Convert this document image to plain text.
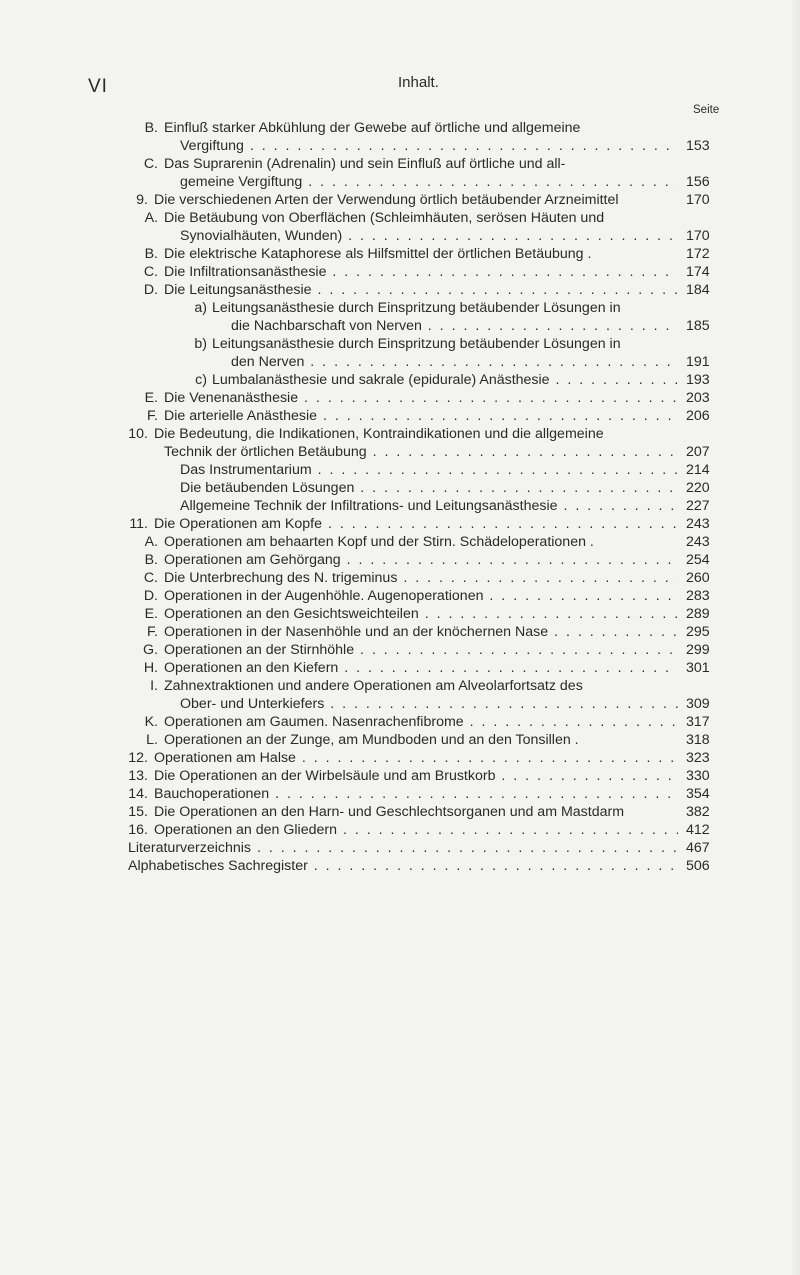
VI	Inhalt.
Seite
B. Einfluß starker Abkühlung der Gewebe auf örtliche und allgemeine
Vergiftung . . .	153
C. Das Suprarenin (Adrenalin) und sein Einfluß auf örtliche und all-
gemeine Vergiftung . . .	156
9. Die verschiedenen Arten der Verwendung örtlich betäubender Arzneimittel	170
A. Die Betäubung von Oberflächen (Schleimhäuten, serösen Häuten und
Synovialhäuten, Wunden) . . .	170
B. Die elektrische Kataphorese als Hilfsmittel der örtlichen Betäubung .	172
C. Die Infiltrationsanästhesie . . .	174
D. Die Leitungsanästhesie . . .	184
a) Leitungsanästhesie durch Einspritzung betäubender Lösungen in
die Nachbarschaft von Nerven . . .	185
b) Leitungsanästhesie durch Einspritzung betäubender Lösungen in
den Nerven . . .	191
c) Lumbalanästhesie und sakrale (epidurale) Anästhesie . . .	193
E. Die Venenanästhesie . . .	203
F. Die arterielle Anästhesie . . .	206
10. Die Bedeutung, die Indikationen, Kontraindikationen und die allgemeine
Technik der örtlichen Betäubung . . .	207
Das Instrumentarium . . .	214
Die betäubenden Lösungen . . .	220
Allgemeine Technik der Infiltrations- und Leitungsanästhesie . . .	227
11. Die Operationen am Kopfe . . .	243
A. Operationen am behaarten Kopf und der Stirn. Schädeloperationen .	243
B. Operationen am Gehörgang . . .	254
C. Die Unterbrechung des N. trigeminus . . .	260
D. Operationen in der Augenhöhle. Augenoperationen . . .	283
E. Operationen an den Gesichtsweichteilen . . .	289
F. Operationen in der Nasenhöhle und an der knöchernen Nase . . .	295
G. Operationen an der Stirnhöhle . . .	299
H. Operationen an den Kiefern . . .	301
I. Zahnextraktionen und andere Operationen am Alveolarfortsatz des
Ober- und Unterkiefers . . .	309
K. Operationen am Gaumen. Nasenrachenfibrome . . .	317
L. Operationen an der Zunge, am Mundboden und an den Tonsillen .	318
12. Operationen am Halse . . .	323
13. Die Operationen an der Wirbelsäule und am Brustkorb . . .	330
14. Bauchoperationen . . .	354
15. Die Operationen an den Harn- und Geschlechtsorganen und am Mastdarm	382
16. Operationen an den Gliedern . . .	412
Literaturverzeichnis . . .	467
Alphabetisches Sachregister . . .	506
